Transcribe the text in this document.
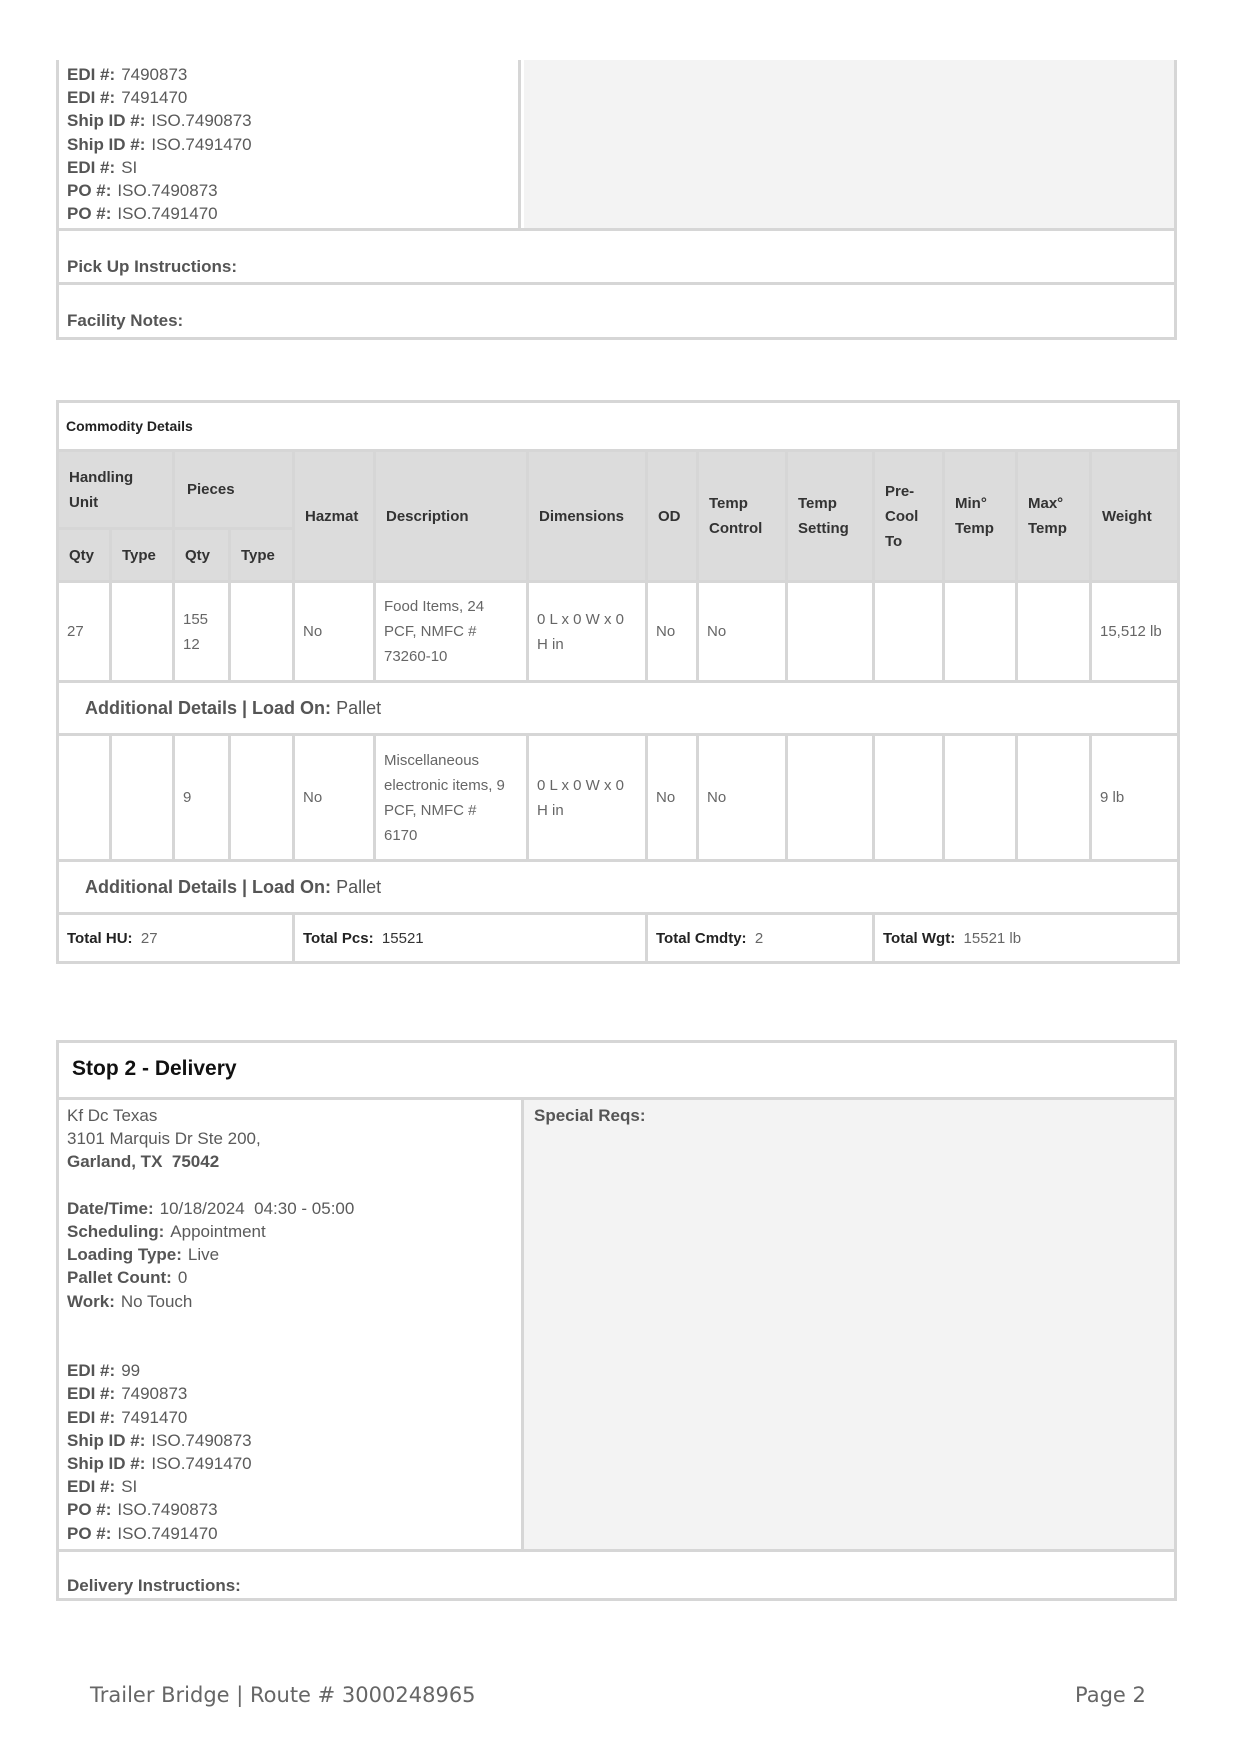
EDI #: 7490873
EDI #: 7491470
Ship ID #: ISO.7490873
Ship ID #: ISO.7491470
EDI #: SI
PO #: ISO.7490873
PO #: ISO.7491470
Pick Up Instructions:
Facility Notes:
Commodity Details													
Handling Unit		Pieces		Hazmat	Description	Dimensions	OD	Temp Control	Temp Setting	Pre-Cool To	Min° Temp	Max° Temp	Weight
Qty	Type	Qty	Type										
27		15512		No	Food Items, 24 PCF, NMFC # 73260-10	0 L x 0 W x 0 H in	No	No					15,512 lb
Additional Details | Load On: Pallet													
		9		No	Miscellaneous electronic items, 9 PCF, NMFC # 6170	0 L x 0 W x 0 H in	No	No					9 lb
Additional Details | Load On: Pallet													
Total HU: 27				Total Pcs: 15521			Total Cmdty: 2			Total Wgt: 15521 lb			
Stop 2 - Delivery
Kf Dc Texas
3101 Marquis Dr Ste 200,
Garland, TX 75042
Date/Time: 10/18/2024  04:30 - 05:00
Scheduling: Appointment
Loading Type: Live
Pallet Count: 0
Work: No Touch
EDI #: 99
EDI #: 7490873
EDI #: 7491470
Ship ID #: ISO.7490873
Ship ID #: ISO.7491470
EDI #: SI
PO #: ISO.7490873
PO #: ISO.7491470
Special Reqs:
Delivery Instructions:
Trailer Bridge | Route # 3000248965	Page 2
